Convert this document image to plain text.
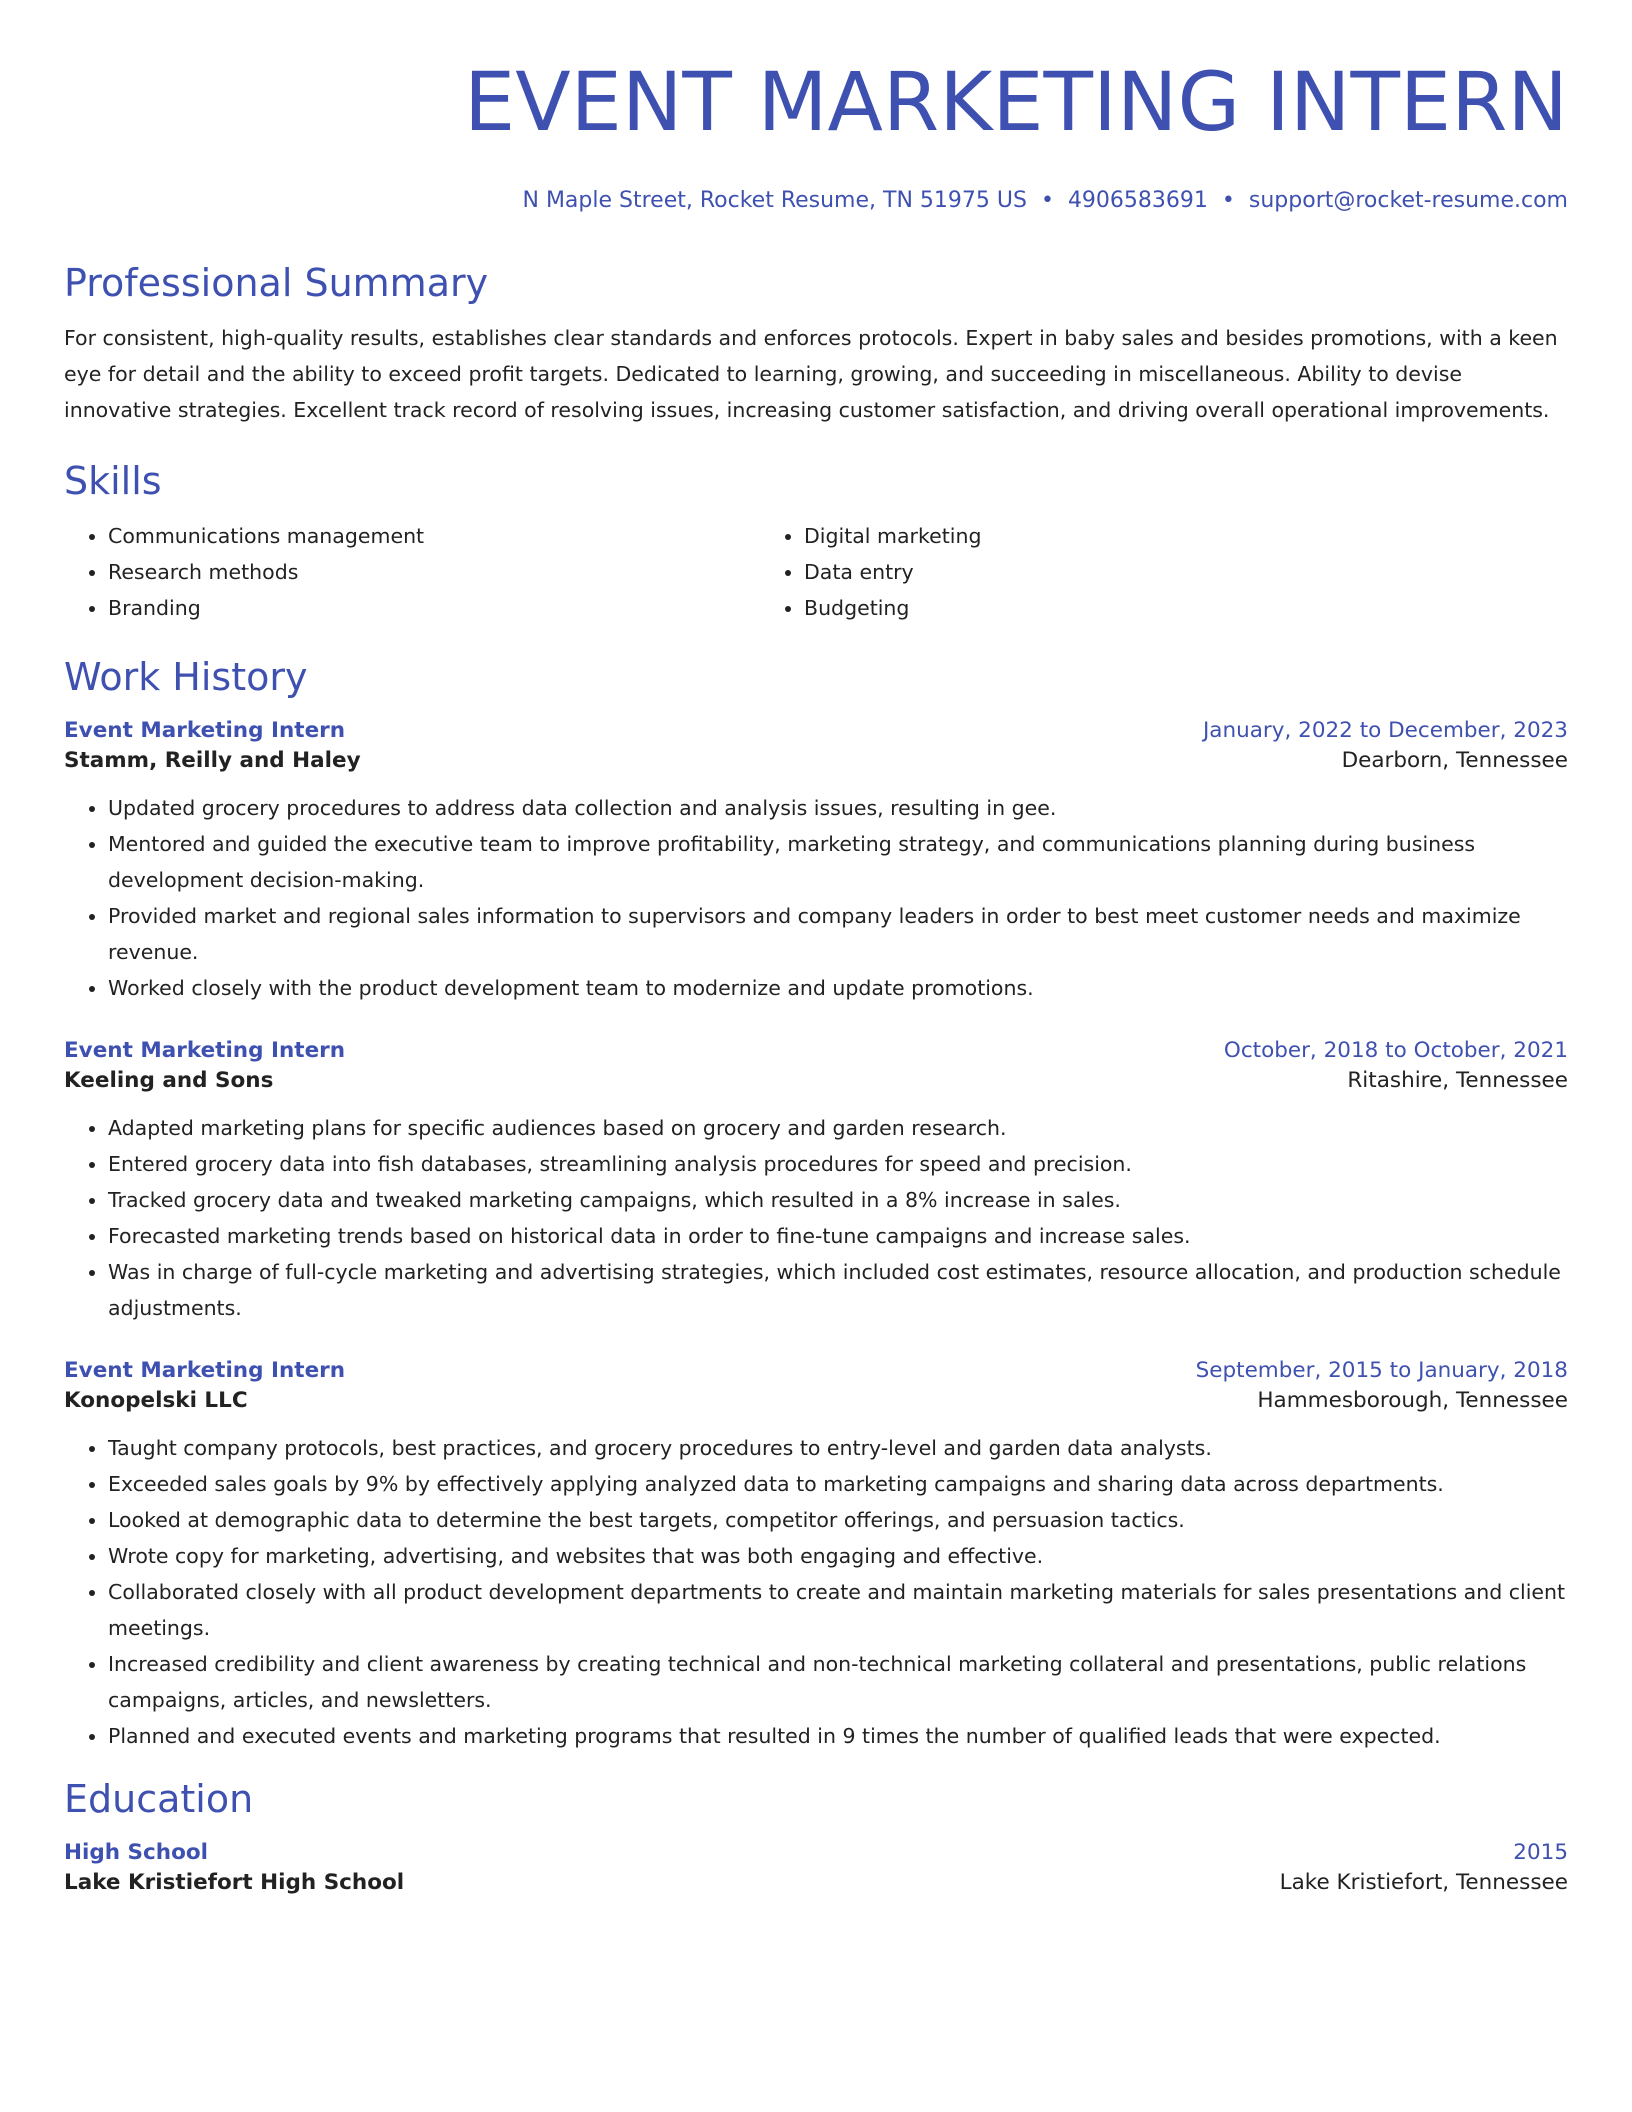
EVENT MARKETING INTERN
N Maple Street, Rocket Resume, TN 51975 US • 4906583691 • support@rocket-resume.com
Professional Summary
For consistent, high-quality results, establishes clear standards and enforces protocols. Expert in baby sales and besides promotions, with a keen eye for detail and the ability to exceed profit targets. Dedicated to learning, growing, and succeeding in miscellaneous. Ability to devise innovative strategies. Excellent track record of resolving issues, increasing customer satisfaction, and driving overall operational improvements.
Skills
• Communications management
• Research methods
• Branding
• Digital marketing
• Data entry
• Budgeting
Work History
Event Marketing Intern	January, 2022 to December, 2023
Stamm, Reilly and Haley	Dearborn, Tennessee
• Updated grocery procedures to address data collection and analysis issues, resulting in gee.
• Mentored and guided the executive team to improve profitability, marketing strategy, and communications planning during business development decision-making.
• Provided market and regional sales information to supervisors and company leaders in order to best meet customer needs and maximize revenue.
• Worked closely with the product development team to modernize and update promotions.
Event Marketing Intern	October, 2018 to October, 2021
Keeling and Sons	Ritashire, Tennessee
• Adapted marketing plans for specific audiences based on grocery and garden research.
• Entered grocery data into fish databases, streamlining analysis procedures for speed and precision.
• Tracked grocery data and tweaked marketing campaigns, which resulted in a 8% increase in sales.
• Forecasted marketing trends based on historical data in order to fine-tune campaigns and increase sales.
• Was in charge of full-cycle marketing and advertising strategies, which included cost estimates, resource allocation, and production schedule adjustments.
Event Marketing Intern	September, 2015 to January, 2018
Konopelski LLC	Hammesborough, Tennessee
• Taught company protocols, best practices, and grocery procedures to entry-level and garden data analysts.
• Exceeded sales goals by 9% by effectively applying analyzed data to marketing campaigns and sharing data across departments.
• Looked at demographic data to determine the best targets, competitor offerings, and persuasion tactics.
• Wrote copy for marketing, advertising, and websites that was both engaging and effective.
• Collaborated closely with all product development departments to create and maintain marketing materials for sales presentations and client meetings.
• Increased credibility and client awareness by creating technical and non-technical marketing collateral and presentations, public relations campaigns, articles, and newsletters.
• Planned and executed events and marketing programs that resulted in 9 times the number of qualified leads that were expected.
Education
High School	2015
Lake Kristiefort High School	Lake Kristiefort, Tennessee
